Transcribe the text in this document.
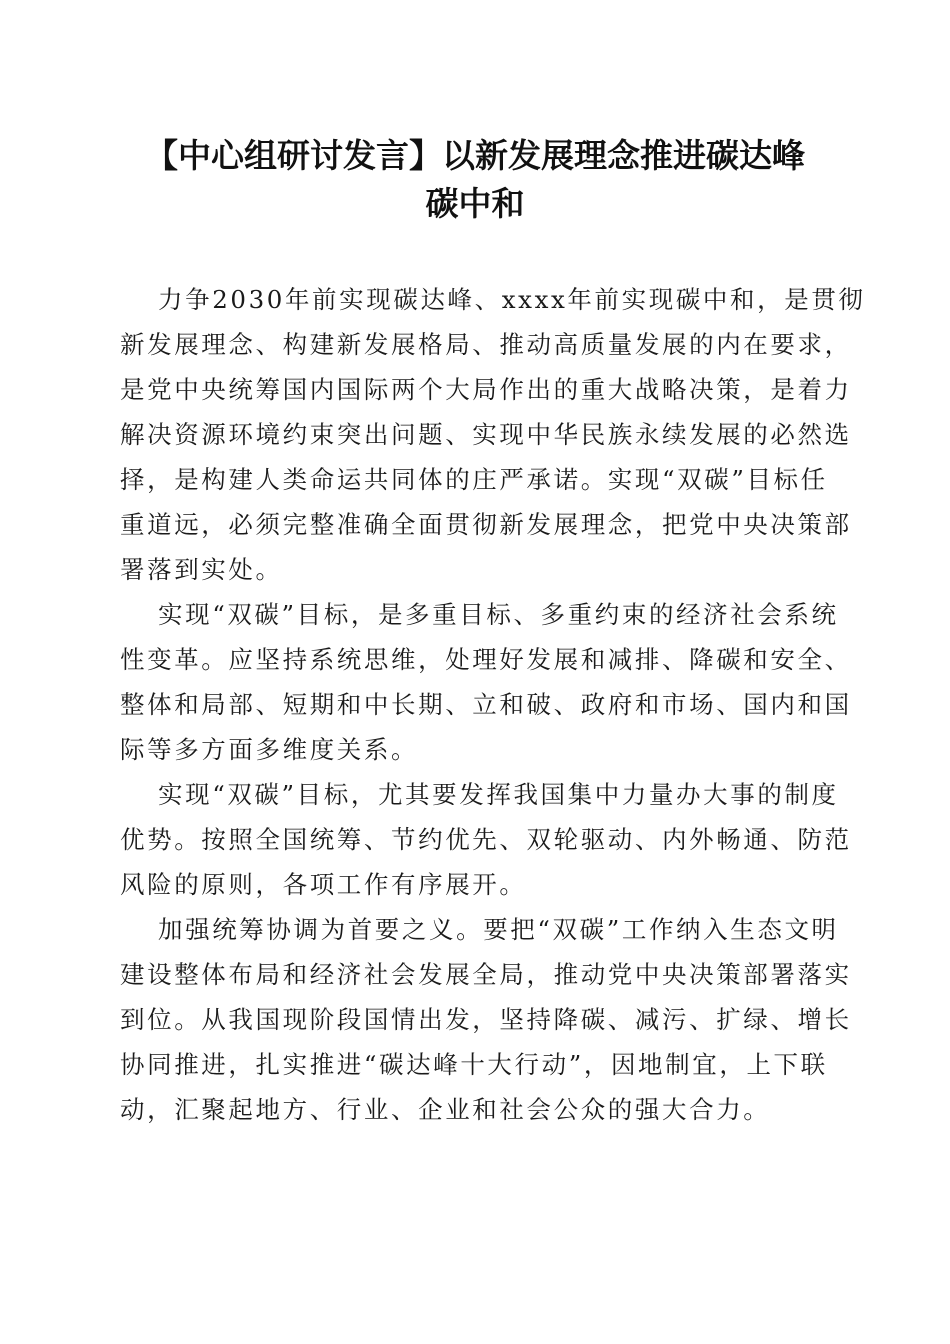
【中心组研讨发言】以新发展理念推进碳达峰
碳中和

力争2030年前实现碳达峰、xxxx年前实现碳中和，是贯彻
新发展理念、构建新发展格局、推动高质量发展的内在要求，
是党中央统筹国内国际两个大局作出的重大战略决策，是着力
解决资源环境约束突出问题、实现中华民族永续发展的必然选
择，是构建人类命运共同体的庄严承诺。实现“双碳”目标任
重道远，必须完整准确全面贯彻新发展理念，把党中央决策部
署落到实处。

实现“双碳”目标，是多重目标、多重约束的经济社会系统
性变革。应坚持系统思维，处理好发展和减排、降碳和安全、
整体和局部、短期和中长期、立和破、政府和市场、国内和国
际等多方面多维度关系。

实现“双碳”目标，尤其要发挥我国集中力量办大事的制度
优势。按照全国统筹、节约优先、双轮驱动、内外畅通、防范
风险的原则，各项工作有序展开。

加强统筹协调为首要之义。要把“双碳”工作纳入生态文明
建设整体布局和经济社会发展全局，推动党中央决策部署落实
到位。从我国现阶段国情出发，坚持降碳、减污、扩绿、增长
协同推进，扎实推进“碳达峰十大行动”，因地制宜，上下联
动，汇聚起地方、行业、企业和社会公众的强大合力。
